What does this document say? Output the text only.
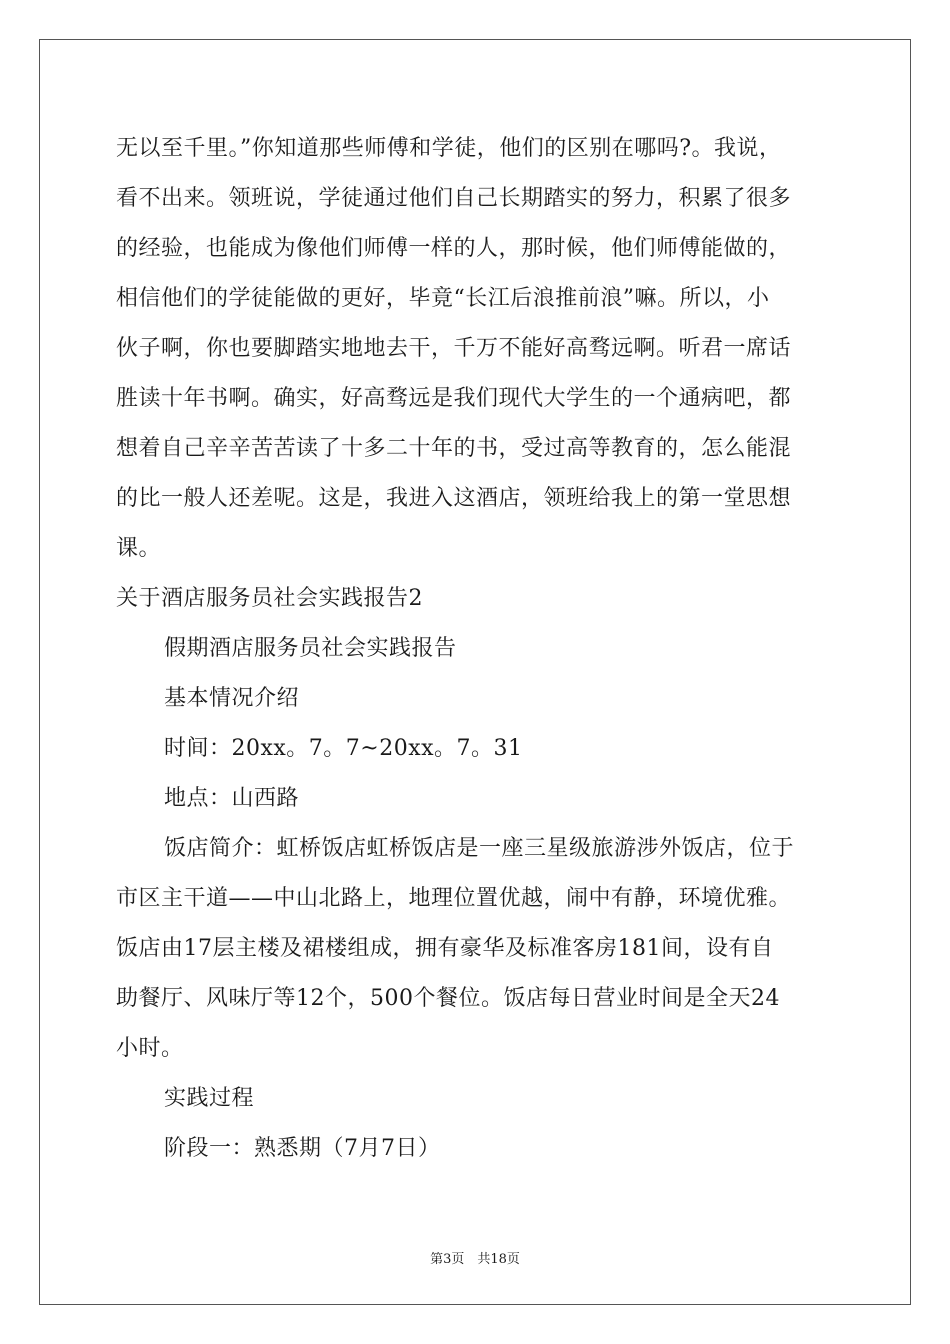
无以至千里。”你知道那些师傅和学徒，他们的区别在哪吗?。我说，
看不出来。领班说，学徒通过他们自己长期踏实的努力，积累了很多
的经验，也能成为像他们师傅一样的人，那时候，他们师傅能做的，
相信他们的学徒能做的更好，毕竟“长江后浪推前浪”嘛。所以，小
伙子啊，你也要脚踏实地地去干，千万不能好高骛远啊。听君一席话
胜读十年书啊。确实，好高骛远是我们现代大学生的一个通病吧，都
想着自己辛辛苦苦读了十多二十年的书，受过高等教育的，怎么能混
的比一般人还差呢。这是，我进入这酒店，领班给我上的第一堂思想
课。
关于酒店服务员社会实践报告2
假期酒店服务员社会实践报告
基本情况介绍
时间：20xx。7。7~20xx。7。31
地点：山西路
饭店简介：虹桥饭店虹桥饭店是一座三星级旅游涉外饭店，位于
市区主干道——中山北路上，地理位置优越，闹中有静，环境优雅。
饭店由17层主楼及裙楼组成，拥有豪华及标准客房181间，设有自
助餐厅、风味厅等12个，500个餐位。饭店每日营业时间是全天24
小时。
实践过程
阶段一：熟悉期（7月7日）
第3页　共18页
